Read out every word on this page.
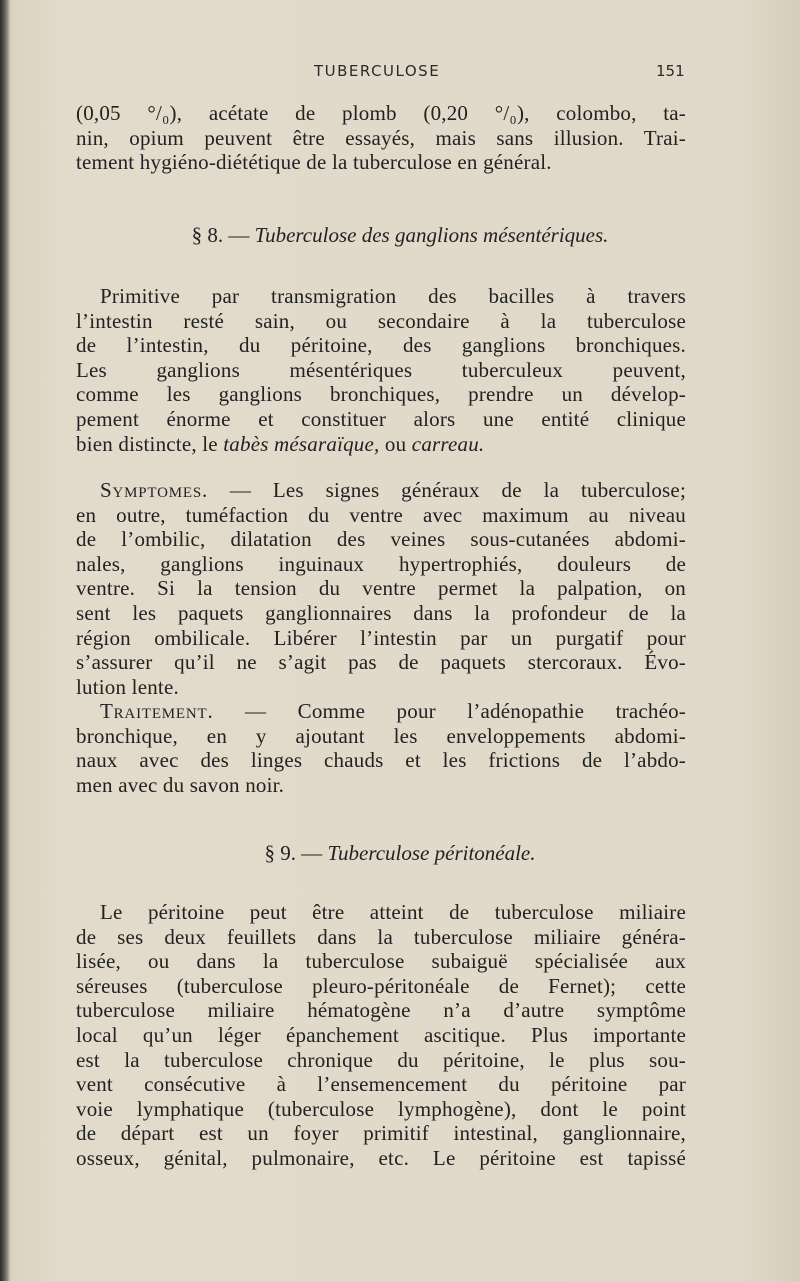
TUBERCULOSE	151
(0,05 °/₀), acétate de plomb (0,20 °/₀), colombo, ta-
nin, opium peuvent être essayés, mais sans illusion. Trai-
tement hygiéno-diététique de la tuberculose en général.
§ 8. — Tuberculose des ganglions mésentériques.
Primitive par transmigration des bacilles à travers
l’intestin resté sain, ou secondaire à la tuberculose
de l’intestin, du péritoine, des ganglions bronchiques.
Les ganglions mésentériques tuberculeux peuvent,
comme les ganglions bronchiques, prendre un dévelop-
pement énorme et constituer alors une entité clinique
bien distincte, le tabès mésaraïque, ou carreau.
Symptomes. — Les signes généraux de la tuberculose;
en outre, tuméfaction du ventre avec maximum au niveau
de l’ombilic, dilatation des veines sous-cutanées abdomi-
nales, ganglions inguinaux hypertrophiés, douleurs de
ventre. Si la tension du ventre permet la palpation, on
sent les paquets ganglionnaires dans la profondeur de la
région ombilicale. Libérer l’intestin par un purgatif pour
s’assurer qu’il ne s’agit pas de paquets stercoraux. Évo-
lution lente.
Traitement. — Comme pour l’adénopathie trachéo-
bronchique, en y ajoutant les enveloppements abdomi-
naux avec des linges chauds et les frictions de l’abdo-
men avec du savon noir.
§ 9. — Tuberculose péritonéale.
Le péritoine peut être atteint de tuberculose miliaire
de ses deux feuillets dans la tuberculose miliaire généra-
lisée, ou dans la tuberculose subaiguë spécialisée aux
séreuses (tuberculose pleuro-péritonéale de Fernet); cette
tuberculose miliaire hématogène n’a d’autre symptôme
local qu’un léger épanchement ascitique. Plus importante
est la tuberculose chronique du péritoine, le plus sou-
vent consécutive à l’ensemencement du péritoine par
voie lymphatique (tuberculose lymphogène), dont le point
de départ est un foyer primitif intestinal, ganglionnaire,
osseux, génital, pulmonaire, etc. Le péritoine est tapissé
